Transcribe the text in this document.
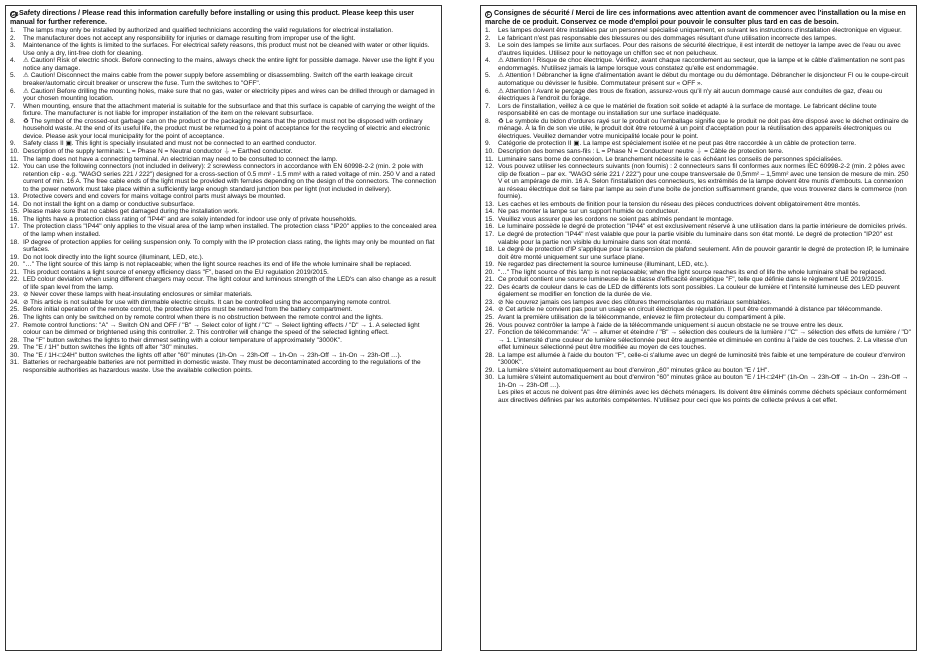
GBSafety directions / Please read this information carefully before installing or using this product. Please keep this user manual for further reference.
1.	The lamps may only be installed by authorized and qualified technicians according the valid regulations for electrical installation.
2.	The manufacturer does not accept any responsibility for injuries or damage resulting from improper use of the light.
3.	Maintenance of the lights is limited to the surfaces. For electrical safety reasons, this product must not be cleaned with water or other liquids. Use only a dry, lint-free cloth for cleaning.
4.	⚠ Caution! Risk of electric shock. Before connecting to the mains, always check the entire light for possible damage. Never use the light if you notice any damage.
5.	⚠ Caution! Disconnect the mains cable from the power supply before assembling or disassembling. Switch off the earth leakage circuit breaker/automatic circuit breaker or unscrew the fuse. Turn the switches to "OFF".
6.	⚠ Caution! Before drilling the mounting holes, make sure that no gas, water or electricity pipes and wires can be drilled through or damaged in your chosen mounting location.
7.	When mounting, ensure that the attachment material is suitable for the subsurface and that this surface is capable of carrying the weight of the fixture. The manufacturer is not liable for improper installation of the item on the relevant subsurface.
8.	♻ The symbol of the crossed-out garbage can on the product or the packaging means that the product must not be disposed with ordinary household waste. At the end of its useful life, the product must be returned to a point of acceptance for the recycling of electric and electronic device. Please ask your local municipality for the point of acceptance.
9.	Safety class II ▣. This light is specially insulated and must not be connected to an earthed conductor.
10. Description of the supply terminals: L = Phase N = Neutral conductor ⏚ = Earthed conductor.
11. The lamp does not have a connecting terminal. An electrician may need to be consulted to connect the lamp.
12. You can use the following connectors (not included in delivery): 2 screwless connectors in accordance with EN 60998-2-2 (min. 2 pole with retention clip - e.g. "WAGO series 221 / 222") designed for a cross-section of 0.5 mm² - 1.5 mm² with a rated voltage of min. 250 V and a rated current of min. 16 A. The free cable ends of the light must be provided with ferrules depending on the design of the connectors. The connection to the power network must take place within a sufficiently large enough standard junction box per light (not included in delivery).
13. Protective covers and end covers for mains voltage control parts must always be mounted.
14. Do not install the light on a damp or conductive subsurface.
15. Please make sure that no cables get damaged during the installation work.
16. The lights have a protection class rating of "IP44" and are solely intended for indoor use only of private households.
17. The protection class "IP44" only applies to the visual area of the lamp when installed. The protection class "IP20" applies to the concealed area of the lamp when installed.
18. IP degree of protection applies for ceiling suspension only. To comply with the IP protection class rating, the lights may only be mounted on flat surfaces.
19. Do not look directly into the light source (illuminant, LED, etc.).
20. "…" The light source of this lamp is not replaceable; when the light source reaches its end of life the whole luminaire shall be replaced.
21. This product contains a light source of energy efficiency class "F", based on the EU regulation 2019/2015.
22. LED colour deviation when using different chargers may occur. The light colour and luminous strength of the LED's can also change as a result of life span level from the lamp.
23. ⊘ Never cover these lamps with heat-insulating enclosures or similar materials.
24. ⊘ This article is not suitable for use with dimmable electric circuits. It can be controlled using the accompanying remote control.
25. Before initial operation of the remote control, the protective strips must be removed from the battery compartment.
26. The lights can only be switched on by remote control when there is no obstruction between the remote control and the lights.
27. Remote control functions: "A" → Switch ON and OFF / "B" → Select color of light / "C" → Select lighting effects / "D" → 1. A selected light colour can be dimmed or brightened using this controller. 2. This controller will change the speed of the selected lighting effect.
28. The "F" button switches the lights to their dimmest setting with a colour temperature of approximately "3000K".
29. The "E / 1H" button switches the lights off after "30" minutes.
30. The "E / 1H-□24H" button switches the lights off after "60" minutes (1h-On → 23h-Off → 1h-On → 23h-Off → 1h-On → 23h-Off …).
31. Batteries or rechargeable batteries are not permitted in domestic waste. They must be decontaminated according to the regulations of the responsible authorities as hazardous waste. Use the available collection points.
F Consignes de sécurité / Merci de lire ces informations avec attention avant de commencer avec l'installation ou la mise en marche de ce produit. Conservez ce mode d'emploi pour pouvoir le consulter plus tard en cas de besoin.
1.	Les lampes doivent être installées par un personnel spécialisé uniquement, en suivant les instructions d'installation électronique en vigueur.
2.	Le fabricant n'est pas responsable des blessures ou des dommages résultant d'une utilisation incorrecte des lampes.
3.	Le soin des lampes se limite aux surfaces. Pour des raisons de sécurité électrique, il est interdit de nettoyer la lampe avec de l'eau ou avec d'autres liquides. Utilisez pour le nettoyage un chiffon sec et non pelucheux.
4.	⚠ Attention ! Risque de choc électrique. Vérifiez, avant chaque raccordement au secteur, que la lampe et le câble d'alimentation ne sont pas endommagés. N'utilisez jamais la lampe lorsque vous constatez qu'elle est endommagée.
5.	⚠ Attention ! Débrancher la ligne d'alimentation avant le début du montage ou du démontage. Débrancher le disjoncteur FI ou le coupe-circuit automatique ou dévisser le fusible. Commutateur présent sur « OFF ».
6.	⚠ Attention ! Avant le perçage des trous de fixation, assurez-vous qu'il n'y ait aucun dommage causé aux conduites de gaz, d'eau ou électriques à l'endroit du forage.
7.	Lors de l'installation, veillez à ce que le matériel de fixation soit solide et adapté à la surface de montage. Le fabricant décline toute responsabilité en cas de montage ou installation sur une surface inadéquate.
8.	♻ Le symbole du bidon d'ordures rayé sur le produit ou l'emballage signifie que le produit ne doit pas être disposé avec le déchet ordinaire de ménage. À la fin de son vie utile, le produit doit être retourné à un point d'acceptation pour la réutilisation des appareils électroniques ou électriques. Veuillez demander votre municipalité locale pour le point.
9.	Catégorie de protection II ▣. La lampe est spécialement isolée et ne peut pas être raccordée à un câble de protection terre.
10. Description des bornes sans-fils : L = Phase N = Conducteur neutre ⏚ = Câble de protection terre.
11. Luminaire sans borne de connexion. Le branchement nécessite le cas échéant les conseils de personnes spécialisées.
12. Vous pouvez utiliser les connecteurs suivants (non fournis) : 2 connecteurs sans fil conformes aux normes IEC 60998-2-2 (min. 2 pôles avec clip de fixation – par ex. "WAGO série 221 / 222") pour une coupe transversale de 0,5mm² – 1,5mm² avec une tension de mesure de min. 250 V et un ampérage de min. 16 A. Selon l'installation des connecteurs, les extrémités de la lampe doivent être munis d'embouts. La connexion au réseau électrique doit se faire par lampe au sein d'une boîte de jonction suffisamment grande, que vous trouverez dans le commerce (non fournie).
13. Les caches et les embouts de finition pour la tension du réseau des pièces conductrices doivent obligatoirement être montés.
14. Ne pas monter la lampe sur un support humide ou conducteur.
15. Veuillez vous assurer que les cordons ne soient pas abîmés pendant le montage.
16. Le luminaire possède le degré de protection "IP44" et est exclusivement réservé à une utilisation dans la partie intérieure de domiciles privés.
17. Le degré de protection "IP44" n'est valable que pour la partie visible du luminaire dans son état monté. Le degré de protection "IP20" est valable pour la partie non visible du luminaire dans son état monté.
18. Le degré de protection d'IP s'applique pour la suspension de plafond seulement. Afin de pouvoir garantir le degré de protection IP, le luminaire doit être monté uniquement sur une surface plane.
19. Ne regardez pas directement la source lumineuse (illuminant, LED, etc.).
20. "…" The light source of this lamp is not replaceable; when the light source reaches its end of life the whole luminaire shall be replaced.
21. Ce produit contient une source lumineuse de la classe d'efficacité énergétique "F", telle que définie dans le règlement UE 2019/2015.
22. Des écarts de couleur dans le cas de LED de différents lots sont possibles. La couleur de lumière et l'intensité lumineuse des LED peuvent également se modifier en fonction de la durée de vie.
23. ⊘ Ne couvrez jamais ces lampes avec des clôtures thermoisolantes ou matériaux semblables.
24. ⊘ Cet article ne convient pas pour un usage en circuit électrique de régulation. Il peut être commandé à distance par télécommande.
25. Avant la première utilisation de la télécommande, enlevez le film protecteur du compartiment à pile.
26. Vous pouvez contrôler la lampe à l'aide de la télécommande uniquement si aucun obstacle ne se trouve entre les deux.
27. Fonction de télécommande: "A" → allumer et éteindre / "B" → sélection des couleurs de la lumière / "C" → sélection des effets de lumière / "D" → 1. L'intensité d'une couleur de lumière sélectionnée peut être augmentée et diminuée en continu à l'aide de ces touches. 2. La vitesse d'un effet lumineux sélectionné peut être modifiée au moyen de ces touches.
28. La lampe est allumée à l'aide du bouton "F", celle-ci s'allume avec un degré de luminosité très faible et une température de couleur d'environ "3000K".
29. La lumière s'éteint automatiquement au bout d'environ „60" minutes grâce au bouton "E / 1H".
30. La lumière s'éteint automatiquement au bout d'environ "60" minutes grâce au bouton "E / 1H-□24H" (1h-On → 23h-Off → 1h-On → 23h-Off → 1h-On → 23h-Off …).
Les piles et accus ne doivent pas être éliminés avec les déchets ménagers. Ils doivent être éliminés comme déchets spéciaux conformément aux directives définies par les autorités compétentes. N'utilisez pour ceci que les points de collecte prévus à cet effet.
